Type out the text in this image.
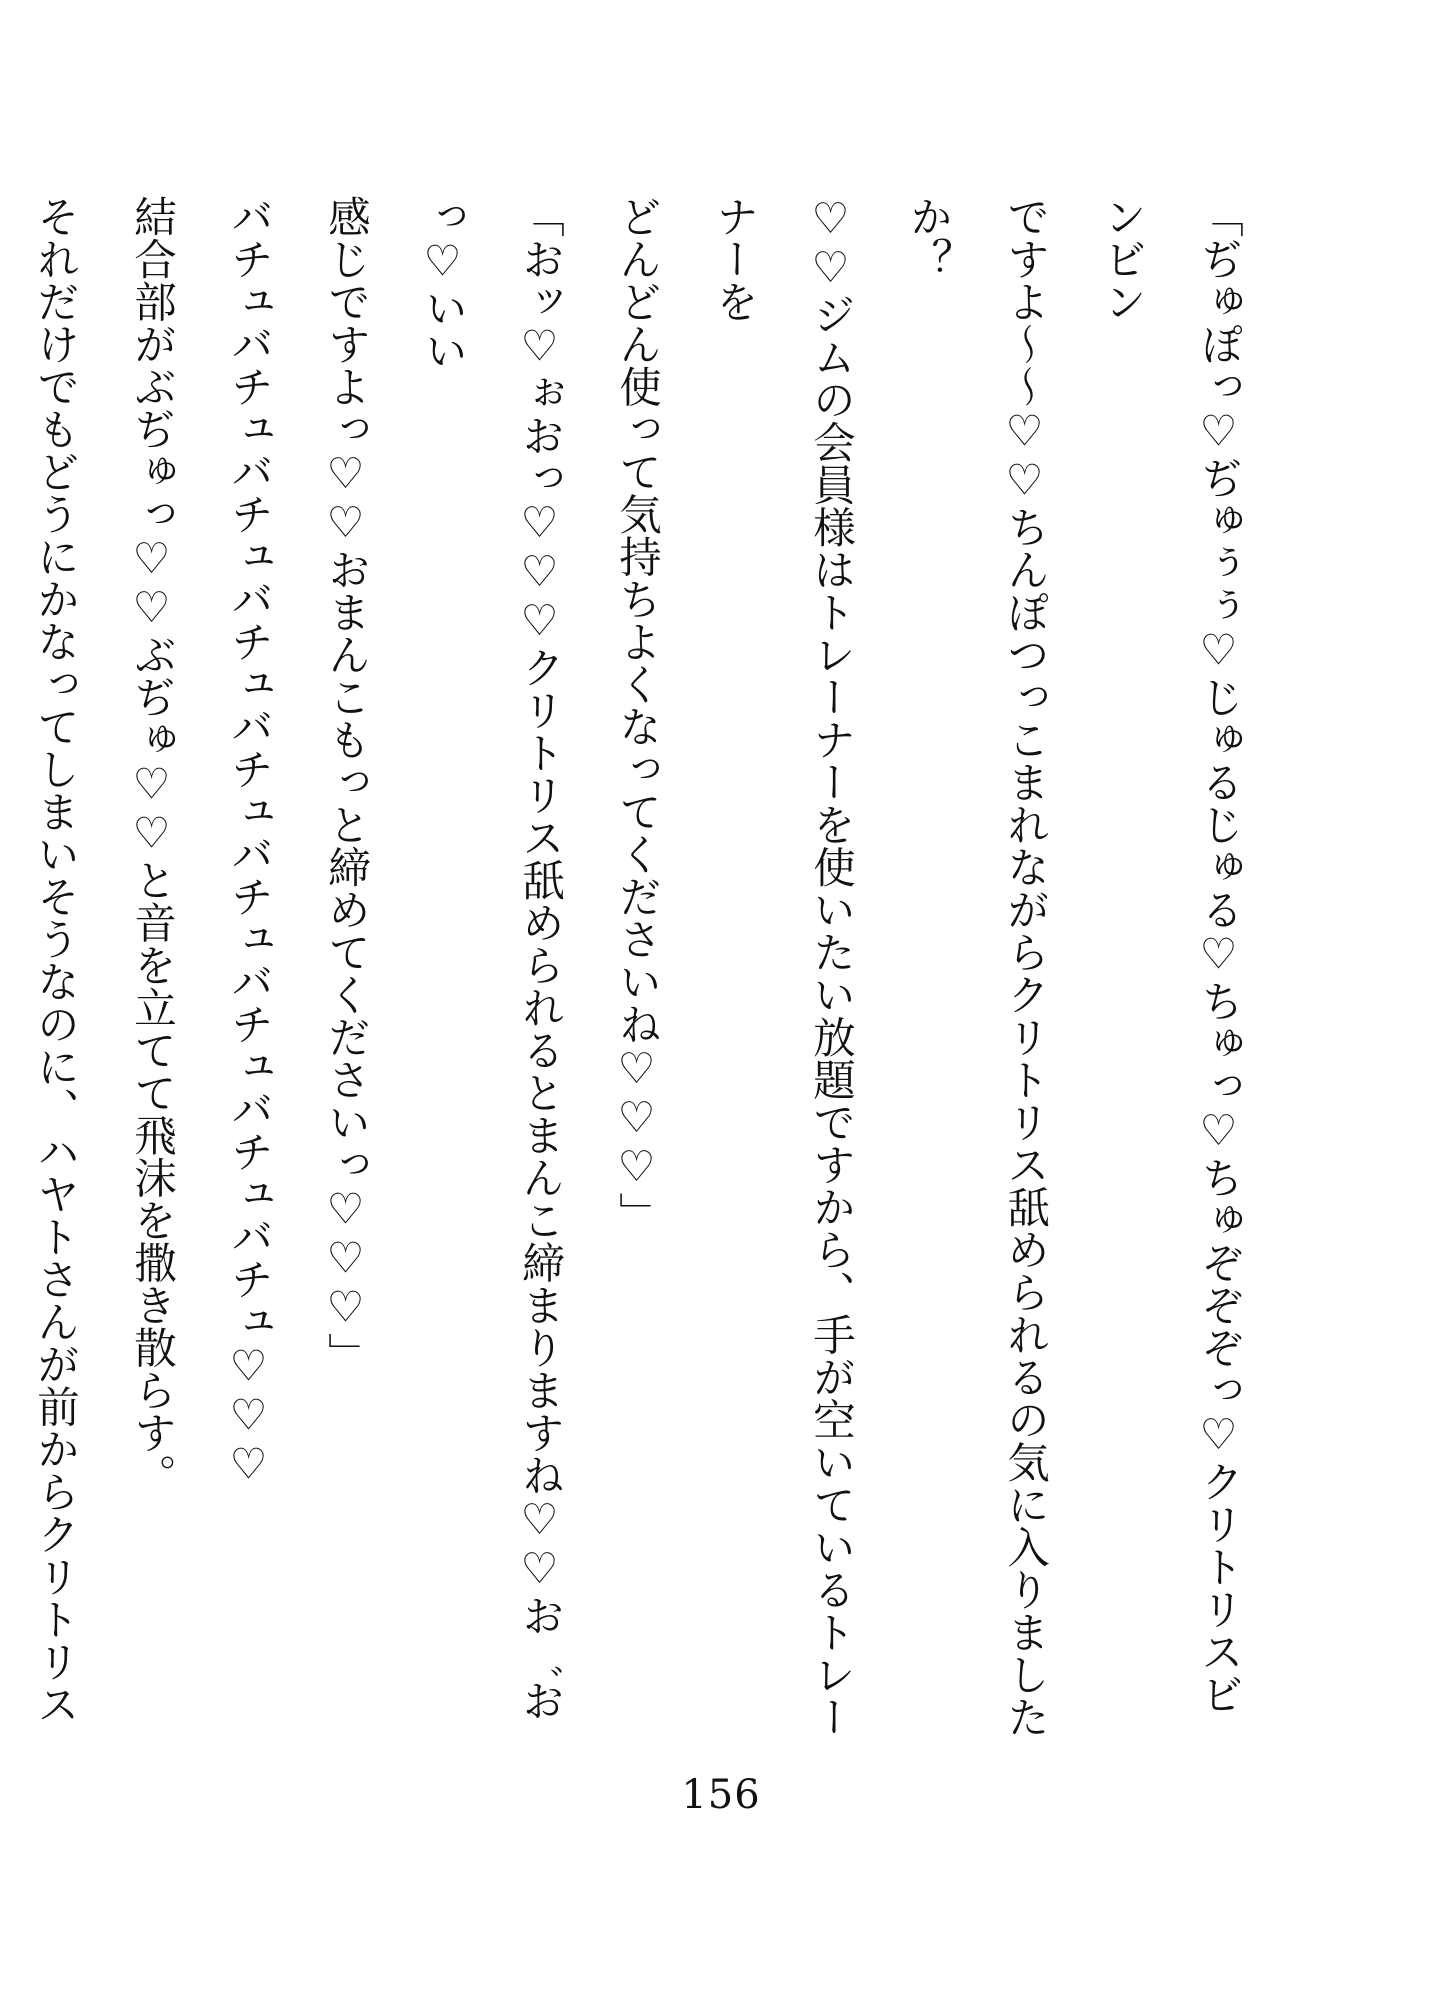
「ぢゅぽっ♡ぢゅぅぅ♡じゅるじゅる♡ちゅっ♡ちゅぞぞぞっ♡クリトリスビンビン

ですよ〜〜♡♡ちんぽつっこまれながらクリトリス舐められるの気に入りましたか？

♡♡ジムの会員様はトレーナーを使いたい放題ですから、手が空いているトレーナーを

どんどん使って気持ちよくなってくださいね♡♡♡」

「おッ♡ぉおっ♡♡♡クリトリス舐められるとまんこ締まりますね♡♡お゛おっ♡いい

感じですよっ♡♡おまんこもっと締めてくださいっ♡♡♡」

バチュバチュバチュバチュバチュバチュバチュバチュバチュ♡♡♡

結合部がぶぢゅっ♡♡ぶぢゅ♡♡と音を立てて飛沫を撒き散らす。

それだけでもどうにかなってしまいそうなのに、ハヤトさんが前からクリトリス

156
